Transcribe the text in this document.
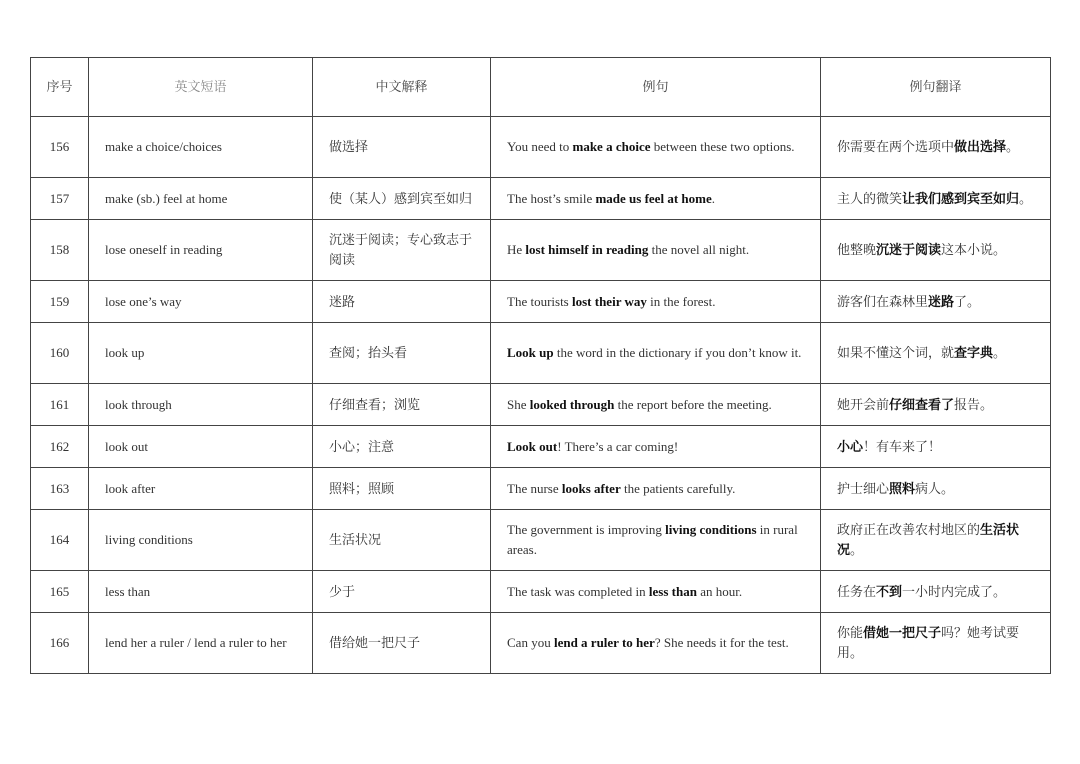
序号	英文短语	中文解释	例句	例句翻译
156	make a choice/choices	做选择	You need to make a choice between these two options.	你需要在两个选项中做出选择。
157	make (sb.) feel at home	使（某人）感到宾至如归	The host’s smile made us feel at home.	主人的微笑让我们感到宾至如归。
158	lose oneself in reading	沉迷于阅读；专心致志于阅读	He lost himself in reading the novel all night.	他整晚沉迷于阅读这本小说。
159	lose one’s way	迷路	The tourists lost their way in the forest.	游客们在森林里迷路了。
160	look up	查阅；抬头看	Look up the word in the dictionary if you don’t know it.	如果不懂这个词，就查字典。
161	look through	仔细查看；浏览	She looked through the report before the meeting.	她开会前仔细查看了报告。
162	look out	小心；注意	Look out! There’s a car coming!	小心！有车来了！
163	look after	照料；照顾	The nurse looks after the patients carefully.	护士细心照料病人。
164	living conditions	生活状况	The government is improving living conditions in rural areas.	政府正在改善农村地区的生活状况。
165	less than	少于	The task was completed in less than an hour.	任务在不到一小时内完成了。
166	lend her a ruler / lend a ruler to her	借给她一把尺子	Can you lend a ruler to her? She needs it for the test.	你能借她一把尺子吗？她考试要用。
